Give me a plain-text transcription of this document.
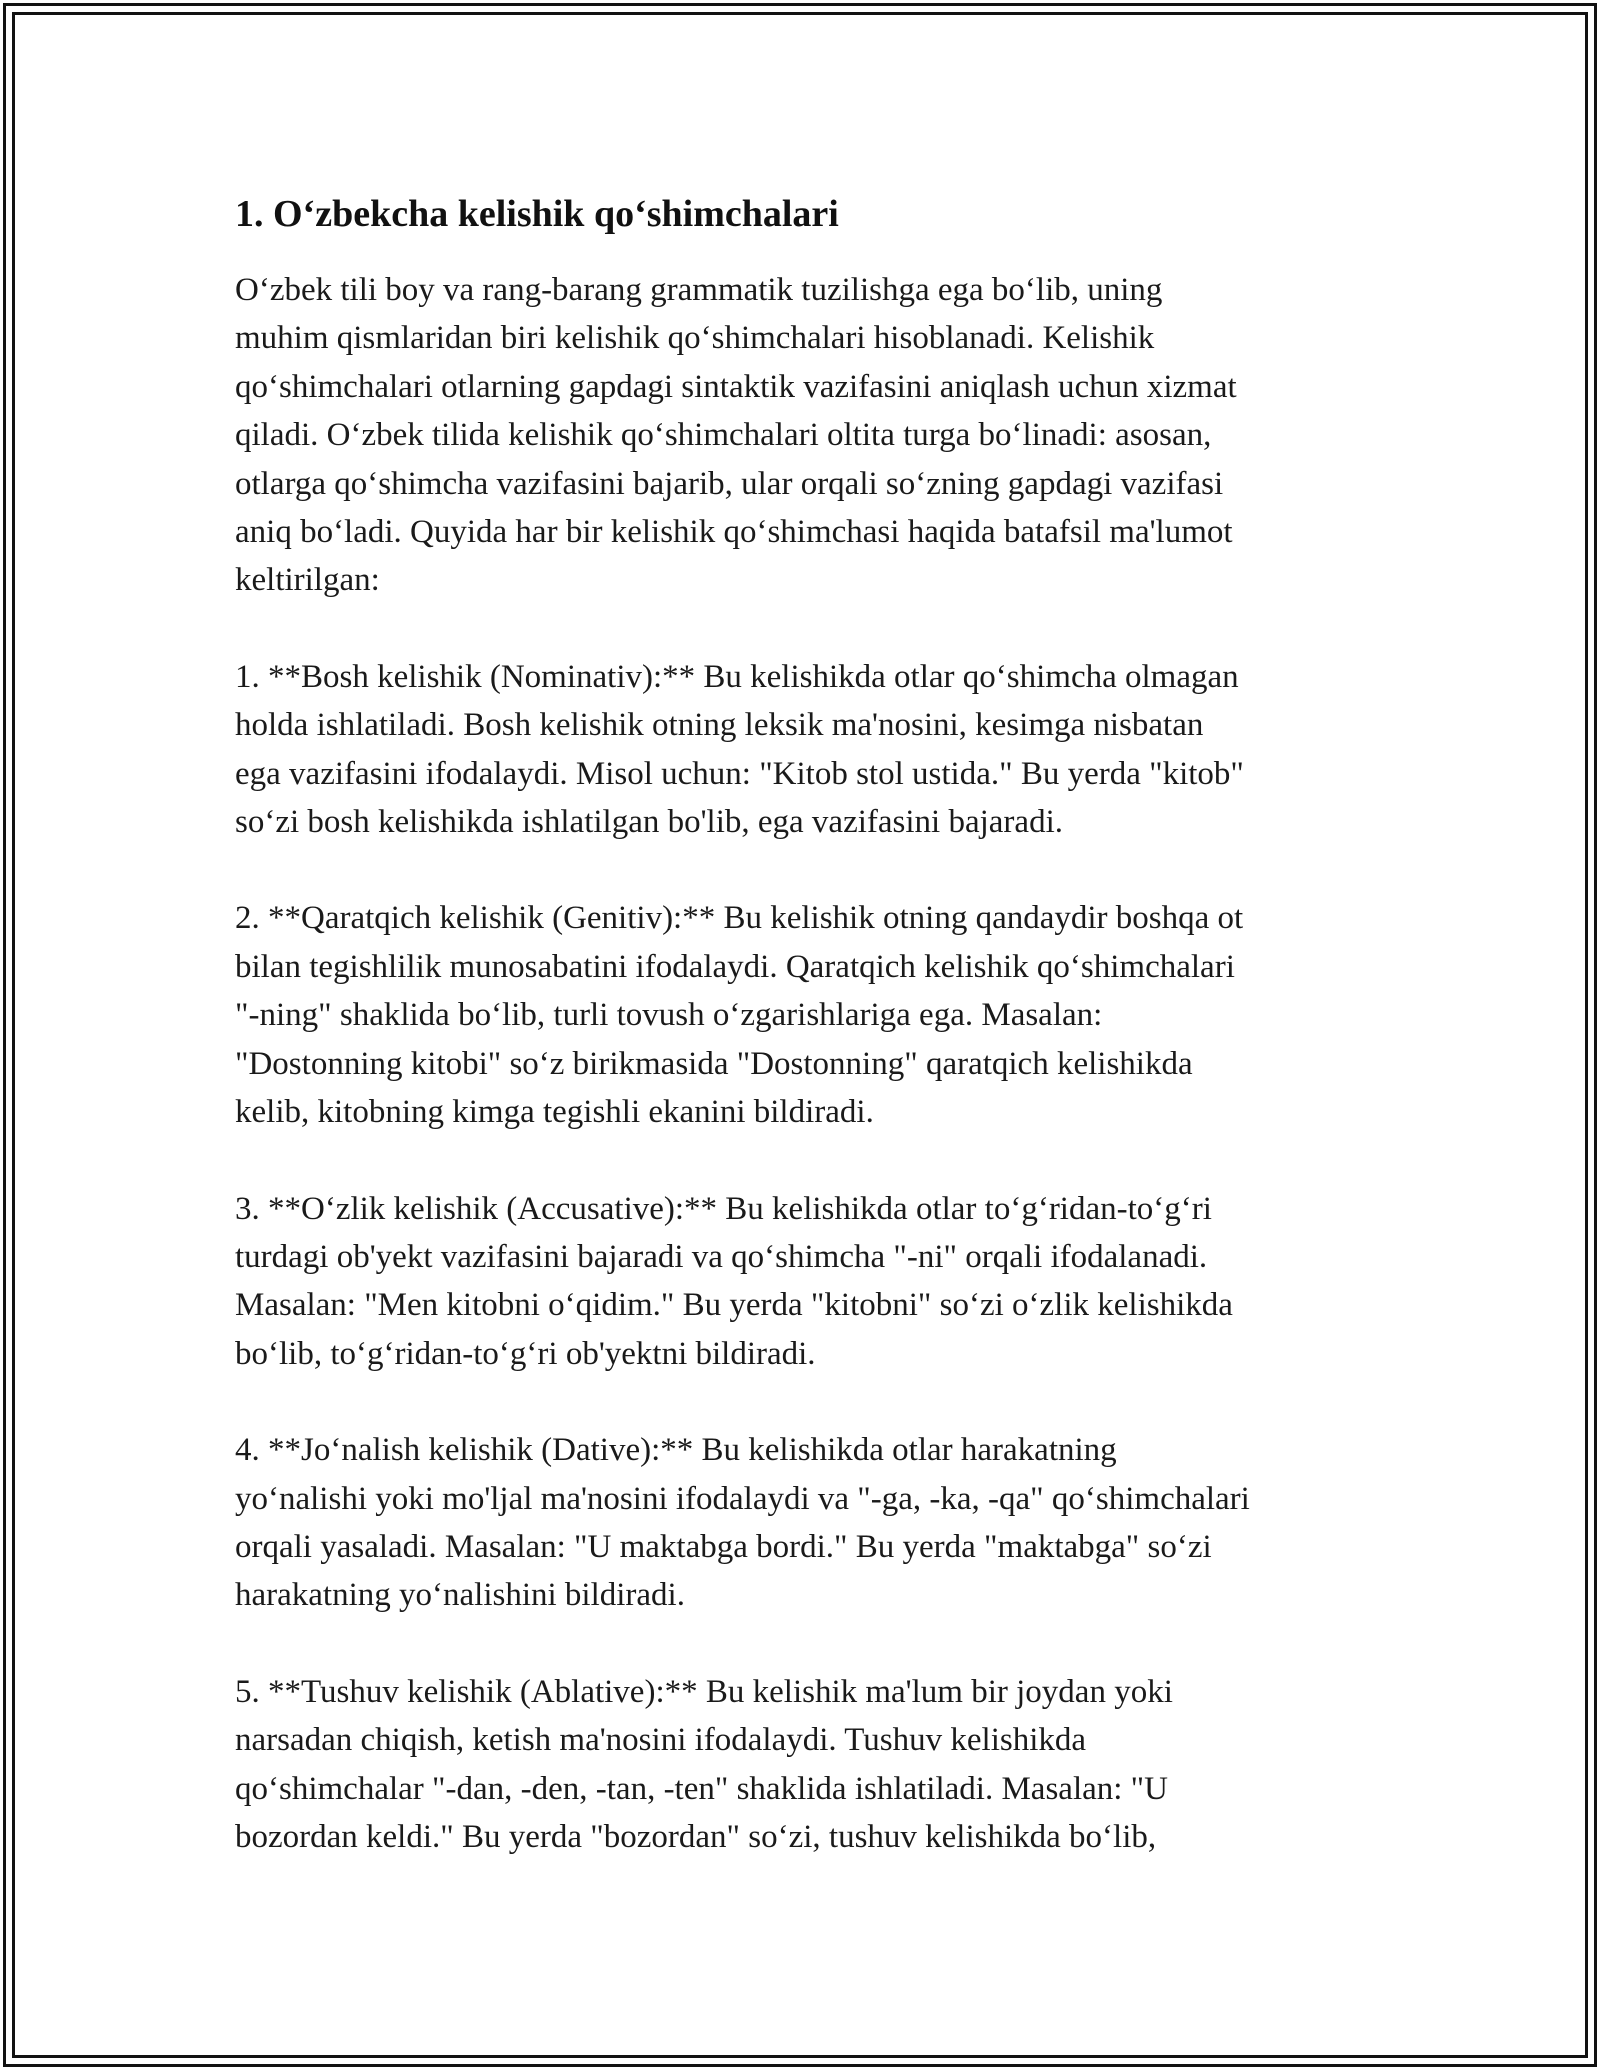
1. Oʻzbekcha kelishik qoʻshimchalari

Oʻzbek tili boy va rang-barang grammatik tuzilishga ega boʻlib, uning
muhim qismlaridan biri kelishik qoʻshimchalari hisoblanadi. Kelishik
qoʻshimchalari otlarning gapdagi sintaktik vazifasini aniqlash uchun xizmat
qiladi. Oʻzbek tilida kelishik qoʻshimchalari oltita turga boʻlinadi: asosan,
otlarga qoʻshimcha vazifasini bajarib, ular orqali soʻzning gapdagi vazifasi
aniq boʻladi. Quyida har bir kelishik qoʻshimchasi haqida batafsil ma'lumot
keltirilgan:

1. **Bosh kelishik (Nominativ):** Bu kelishikda otlar qoʻshimcha olmagan
holda ishlatiladi. Bosh kelishik otning leksik ma'nosini, kesimga nisbatan
ega vazifasini ifodalaydi. Misol uchun: "Kitob stol ustida." Bu yerda "kitob"
soʻzi bosh kelishikda ishlatilgan bo'lib, ega vazifasini bajaradi.

2. **Qaratqich kelishik (Genitiv):** Bu kelishik otning qandaydir boshqa ot
bilan tegishlilik munosabatini ifodalaydi. Qaratqich kelishik qoʻshimchalari
"-ning" shaklida boʻlib, turli tovush oʻzgarishlariga ega. Masalan:
"Dostonning kitobi" soʻz birikmasida "Dostonning" qaratqich kelishikda
kelib, kitobning kimga tegishli ekanini bildiradi.

3. **Oʻzlik kelishik (Accusative):** Bu kelishikda otlar toʻgʻridan-toʻgʻri
turdagi ob'yekt vazifasini bajaradi va qoʻshimcha "-ni" orqali ifodalanadi.
Masalan: "Men kitobni oʻqidim." Bu yerda "kitobni" soʻzi oʻzlik kelishikda
boʻlib, toʻgʻridan-toʻgʻri ob'yektni bildiradi.

4. **Joʻnalish kelishik (Dative):** Bu kelishikda otlar harakatning
yoʻnalishi yoki mo'ljal ma'nosini ifodalaydi va "-ga, -ka, -qa" qoʻshimchalari
orqali yasaladi. Masalan: "U maktabga bordi." Bu yerda "maktabga" soʻzi
harakatning yoʻnalishini bildiradi.

5. **Tushuv kelishik (Ablative):** Bu kelishik ma'lum bir joydan yoki
narsadan chiqish, ketish ma'nosini ifodalaydi. Tushuv kelishikda
qoʻshimchalar "-dan, -den, -tan, -ten" shaklida ishlatiladi. Masalan: "U
bozordan keldi." Bu yerda "bozordan" soʻzi, tushuv kelishikda boʻlib,
